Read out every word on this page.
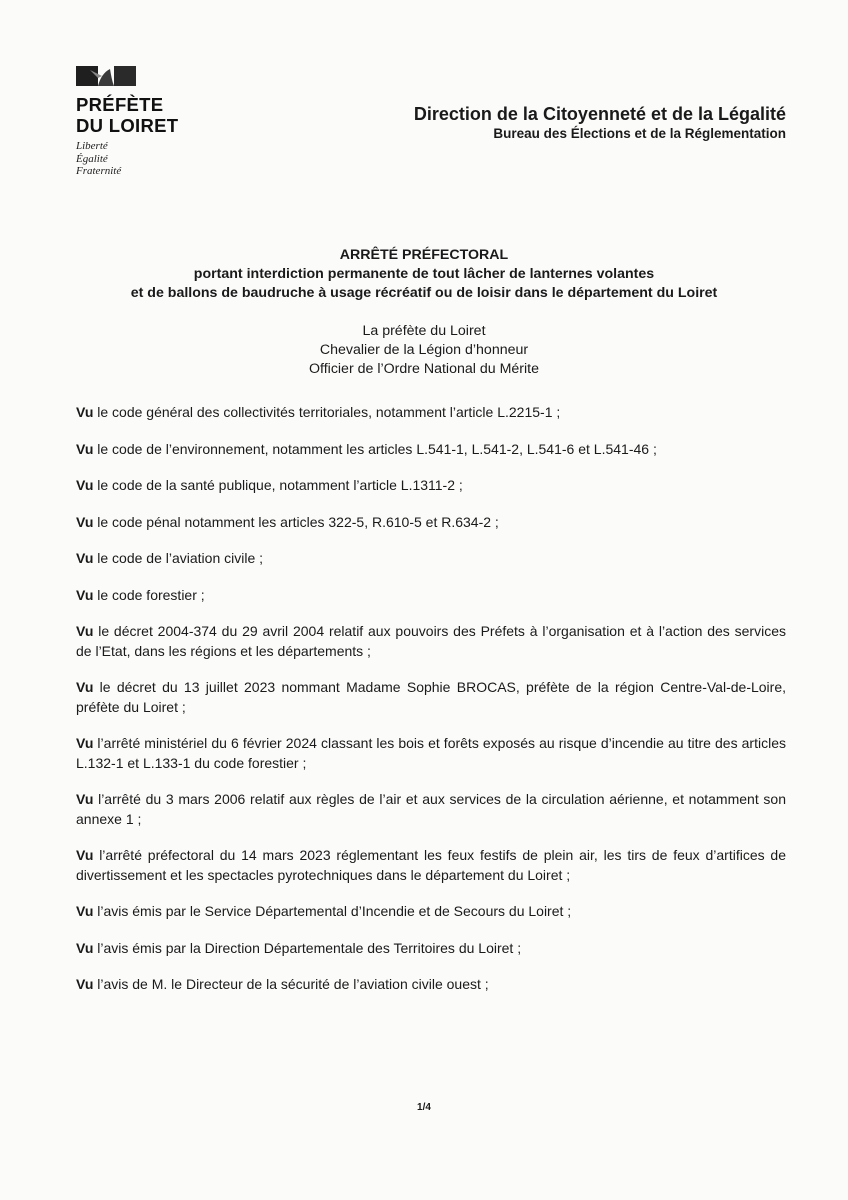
PRÉFÈTE
DU LOIRET
Liberté
Égalité
Fraternité
Direction de la Citoyenneté et de la Légalité
Bureau des Élections et de la Réglementation
ARRÊTÉ PRÉFECTORAL
portant interdiction permanente de tout lâcher de lanternes volantes
et de ballons de baudruche à usage récréatif ou de loisir dans le département du Loiret
La préfète du Loiret
Chevalier de la Légion d’honneur
Officier de l’Ordre National du Mérite

Vu le code général des collectivités territoriales, notamment l’article L.2215-1 ;

Vu le code de l’environnement, notamment les articles L.541-1, L.541-2, L.541-6 et L.541-46 ;

Vu le code de la santé publique, notamment l’article L.1311-2 ;

Vu le code pénal notamment les articles 322-5, R.610-5 et R.634-2 ;

Vu le code de l’aviation civile ;

Vu le code forestier ;

Vu le décret 2004-374 du 29 avril 2004 relatif aux pouvoirs des Préfets à l’organisation et à l’action des services de l’Etat, dans les régions et les départements ;

Vu le décret du 13 juillet 2023 nommant Madame Sophie BROCAS, préfète de la région Centre-Val-de-Loire, préfète du Loiret ;

Vu l’arrêté ministériel du 6 février 2024 classant les bois et forêts exposés au risque d’incendie au titre des articles L.132-1 et L.133-1 du code forestier ;

Vu l’arrêté du 3 mars 2006 relatif aux règles de l’air et aux services de la circulation aérienne, et notamment son annexe 1 ;

Vu l’arrêté préfectoral du 14 mars 2023 réglementant les feux festifs de plein air, les tirs de feux d’artifices de divertissement et les spectacles pyrotechniques dans le département du Loiret ;

Vu l’avis émis par le Service Départemental d’Incendie et de Secours du Loiret ;

Vu l’avis émis par la Direction Départementale des Territoires du Loiret ;

Vu l’avis de M. le Directeur de la sécurité de l’aviation civile ouest ;

1/4
